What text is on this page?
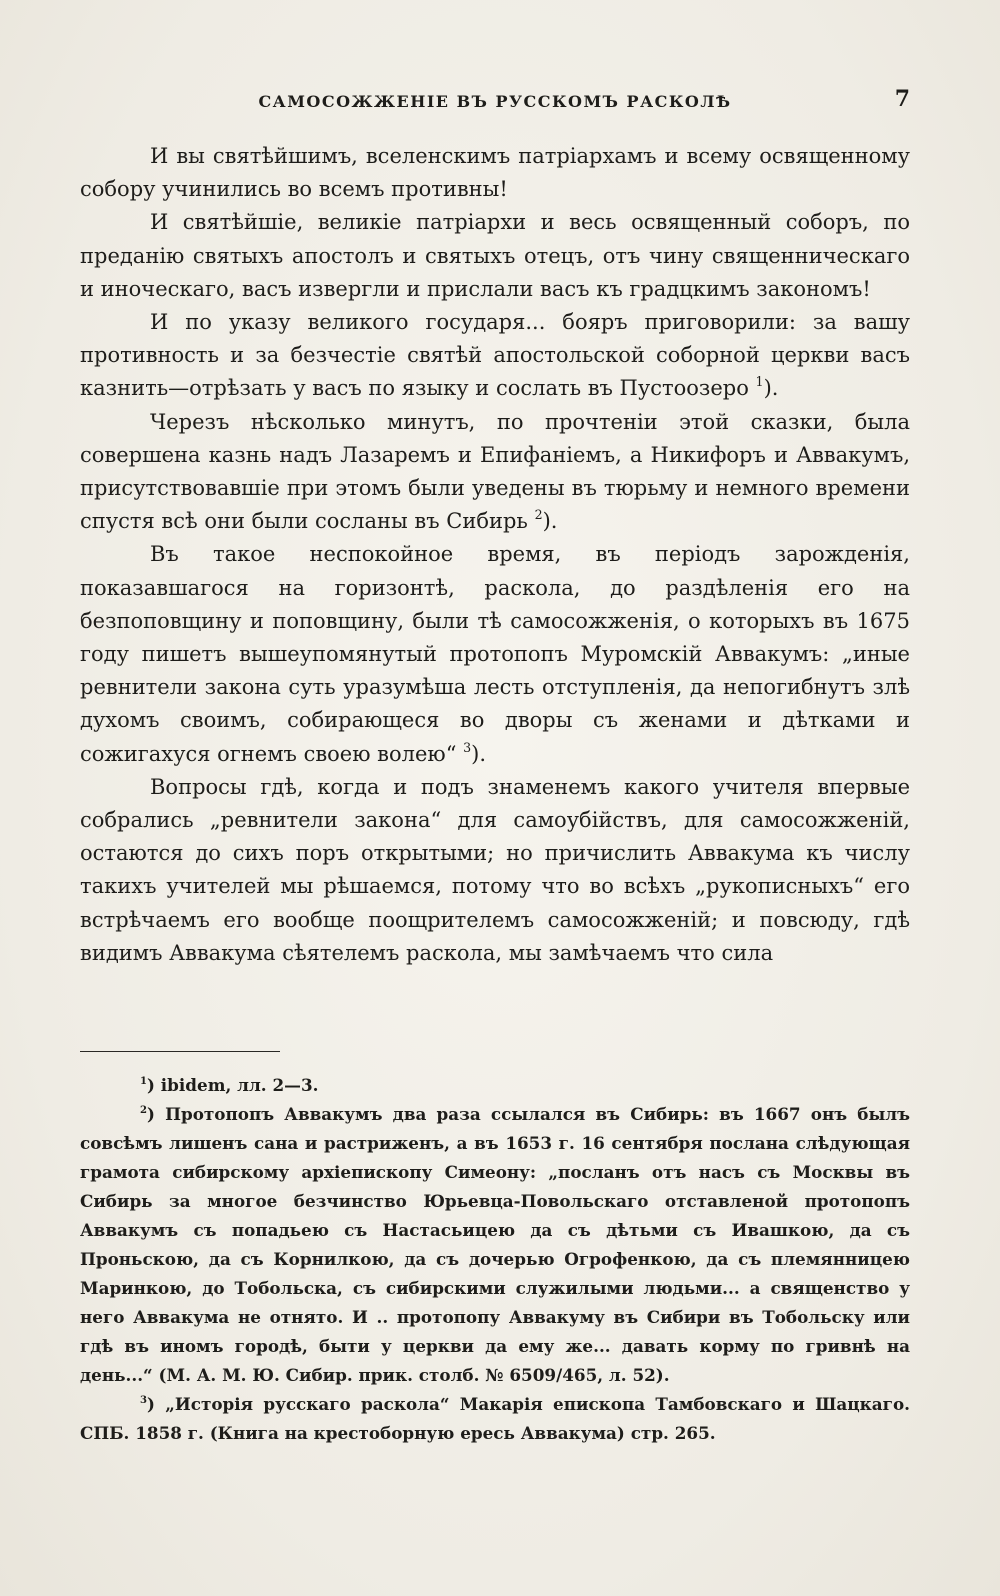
САМОСОЖЖЕНІЕ ВЪ РУССКОМЪ РАСКОЛѢ	7

И вы святѣйшимъ, вселенскимъ патріархамъ и всему освященному собору учинились во всемъ противны!

И святѣйшіе, великіе патріархи и весь освященный соборъ, по преданію святыхъ апостолъ и святыхъ отецъ, отъ чину священническаго и иноческаго, васъ извергли и прислали васъ къ градцкимъ закономъ!

И по указу великого государя... бояръ приговорили: за вашу противность и за безчестіе святѣй апостольской соборной церкви васъ казнить—отрѣзать у васъ по языку и сослать въ Пустоозеро $^1$).

Черезъ нѣсколько минутъ, по прочтеніи этой сказки, была совершена казнь надъ Лазаремъ и Епифаніемъ, а Никифоръ и Аввакумъ, присутствовавшіе при этомъ были уведены въ тюрьму и немного времени спустя всѣ они были сосланы въ Сибирь $^2$).

Въ такое неспокойное время, въ періодъ зарожденія, показавшагося на горизонтѣ, раскола, до раздѣленія его на безпоповщину и поповщину, были тѣ самосожженія, о которыхъ въ 1675 году пишетъ вышеупомянутый протопопъ Муромскій Аввакумъ: „иные ревнители закона суть уразумѣша лесть отступленія, да непогибнутъ злѣ духомъ своимъ, собирающеся во дворы съ женами и дѣтками и сожигахуся огнемъ своею волею“ $^3$).

Вопросы гдѣ, когда и подъ знаменемъ какого учителя впервые собрались „ревнители закона“ для самоубійствъ, для самосожженій, остаются до сихъ поръ открытыми; но причислить Аввакума къ числу такихъ учителей мы рѣшаемся, потому что во всѣхъ „рукописныхъ“ его встрѣчаемъ его вообще поощрителемъ самосожженій; и повсюду, гдѣ видимъ Аввакума сѣятелемъ раскола, мы замѣчаемъ что сила

$^1$) ibidem, лл. 2—3.

$^2$) Протопопъ Аввакумъ два раза ссылался въ Сибирь: въ 1667 онъ былъ совсѣмъ лишенъ сана и растриженъ, а въ 1653 г. 16 сентября послана слѣдующая грамота сибирскому архіепископу Симеону: „посланъ отъ насъ съ Москвы въ Сибирь за многое безчинство Юрьевца-Повольскаго отставленой протопопъ Аввакумъ съ попадьею съ Настасьицею да съ дѣтьми съ Ивашкою, да съ Проньскою, да съ Корнилкою, да съ дочерью Огрофенкою, да съ племянницею Маринкою, до Тобольска, съ сибирскими служилыми людьми... а священство у него Аввакума не отнято. И .. протопопу Аввакуму въ Сибири въ Тобольску или гдѣ въ иномъ городѣ, быти у церкви да ему же... давать корму по гривнѣ на день...“ (М. А. М. Ю. Сибир. прик. столб. № 6509/465, л. 52).

$^3$) „Исторія русскаго раскола“ Макарія епископа Тамбовскаго и Шацкаго. СПБ. 1858 г. (Книга на крестоборную ересь Аввакума) стр. 265.
